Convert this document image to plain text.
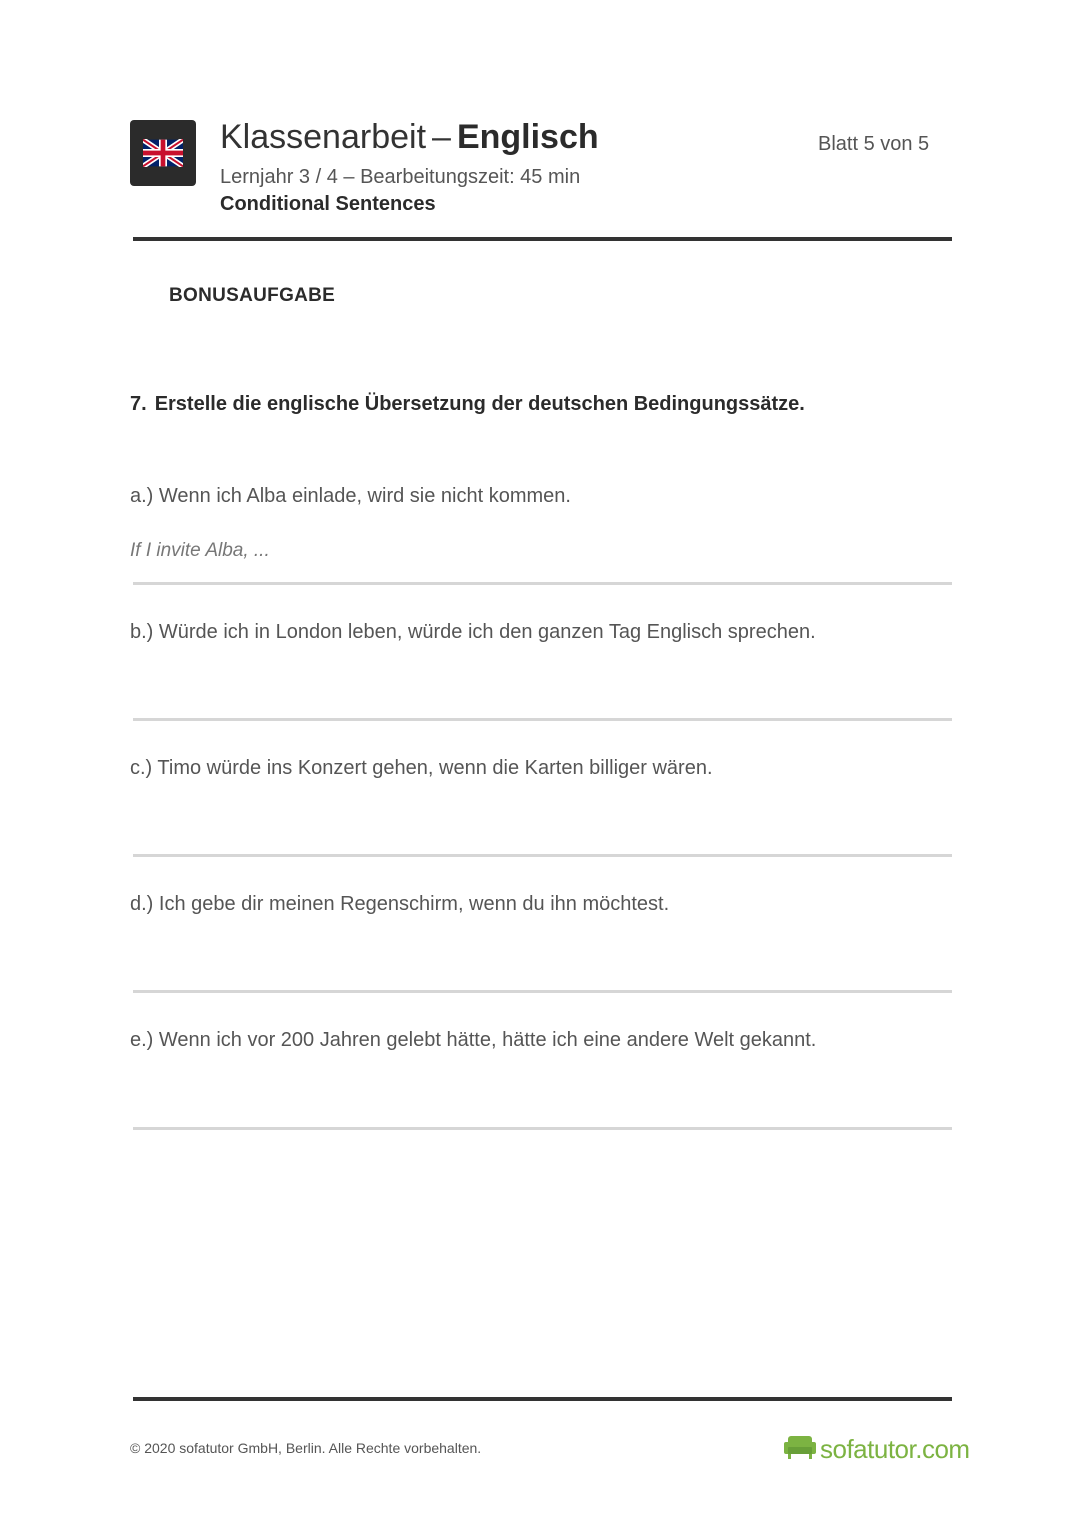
Klassenarbeit – Englisch
Lernjahr 3 / 4 – Bearbeitungszeit: 45 min
Conditional Sentences
Blatt 5 von 5
BONUSAUFGABE
7. Erstelle die englische Übersetzung der deutschen Bedingungssätze.
a.) Wenn ich Alba einlade, wird sie nicht kommen.
If I invite Alba, ...
b.) Würde ich in London leben, würde ich den ganzen Tag Englisch sprechen.
c.) Timo würde ins Konzert gehen, wenn die Karten billiger wären.
d.) Ich gebe dir meinen Regenschirm, wenn du ihn möchtest.
e.) Wenn ich vor 200 Jahren gelebt hätte, hätte ich eine andere Welt gekannt.
© 2020 sofatutor GmbH, Berlin. Alle Rechte vorbehalten.	sofatutor.com
